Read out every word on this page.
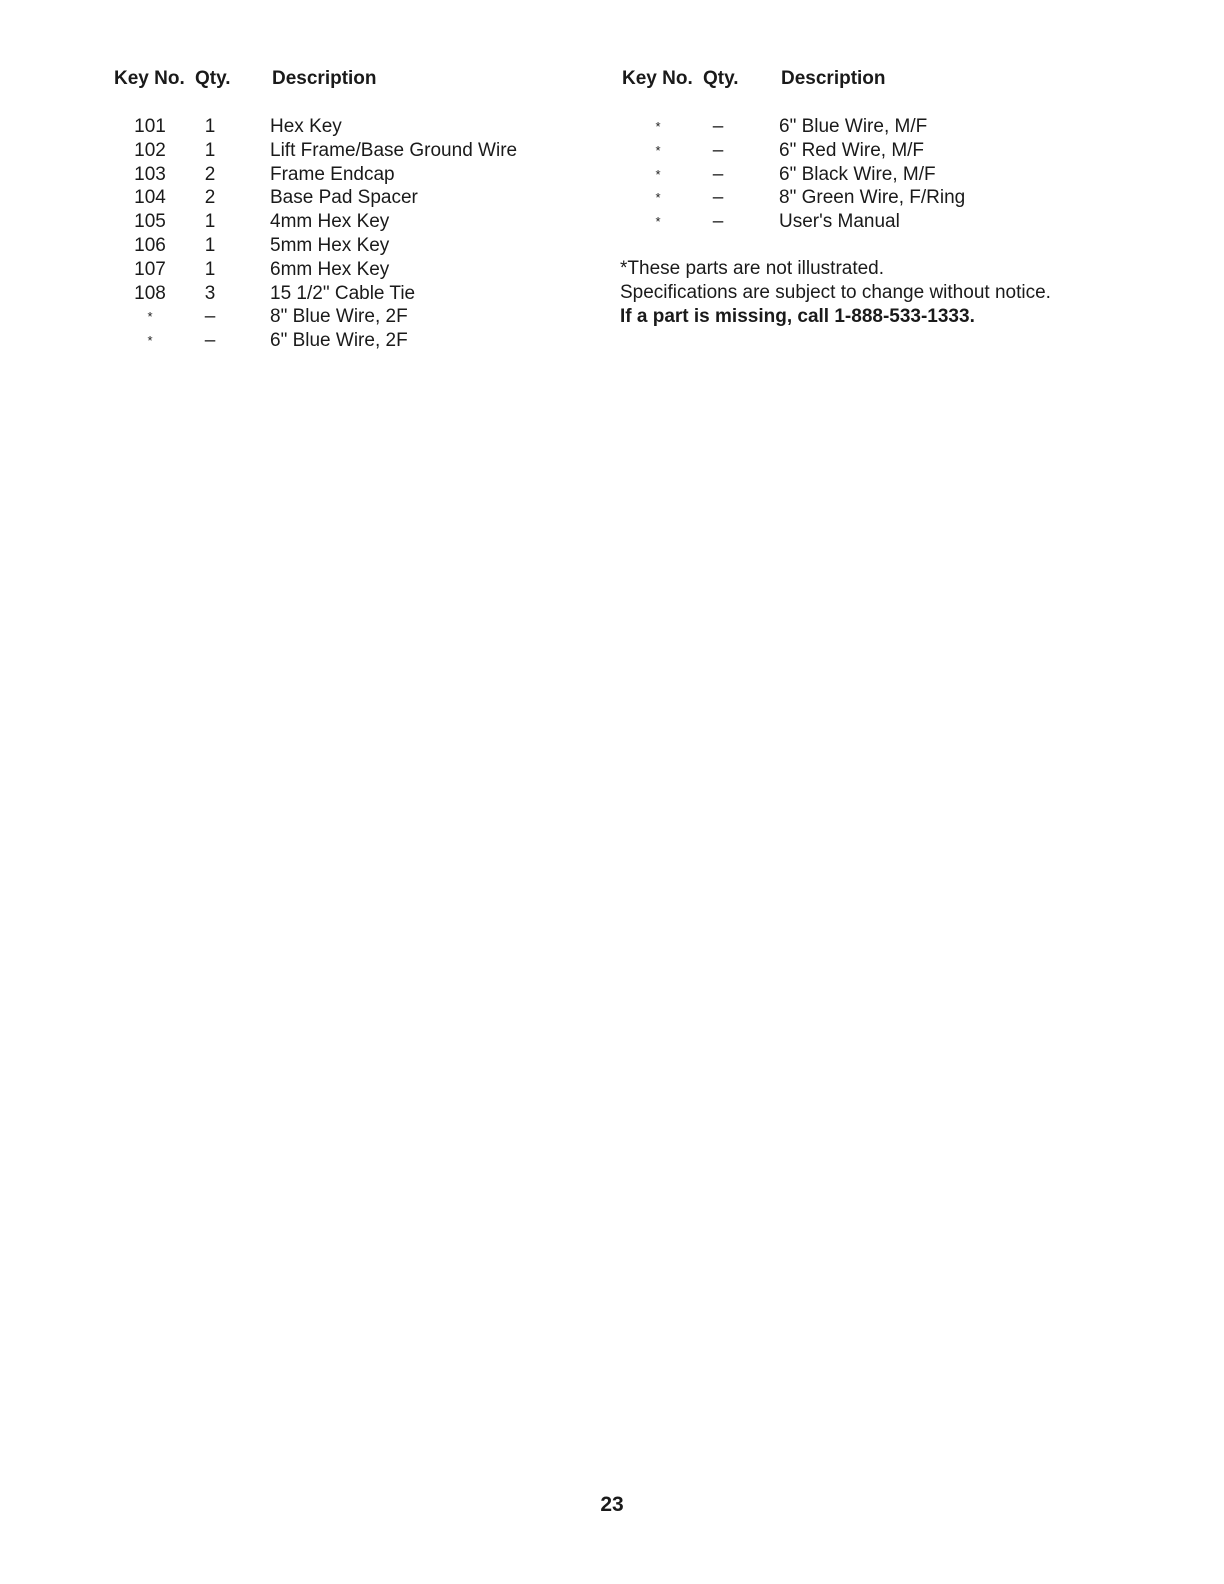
Key No. Qty. Description
101	1	Hex Key
102	1	Lift Frame/Base Ground Wire
103	2	Frame Endcap
104	2	Base Pad Spacer
105	1	4mm Hex Key
106	1	5mm Hex Key
107	1	6mm Hex Key
108	3	15 1/2" Cable Tie
*	–	8" Blue Wire, 2F
*	–	6" Blue Wire, 2F
Key No. Qty. Description
*	–	6" Blue Wire, M/F
*	–	6" Red Wire, M/F
*	–	6" Black Wire, M/F
*	–	8" Green Wire, F/Ring
*	–	User's Manual
*These parts are not illustrated.
Specifications are subject to change without notice.
If a part is missing, call 1-888-533-1333.
23
